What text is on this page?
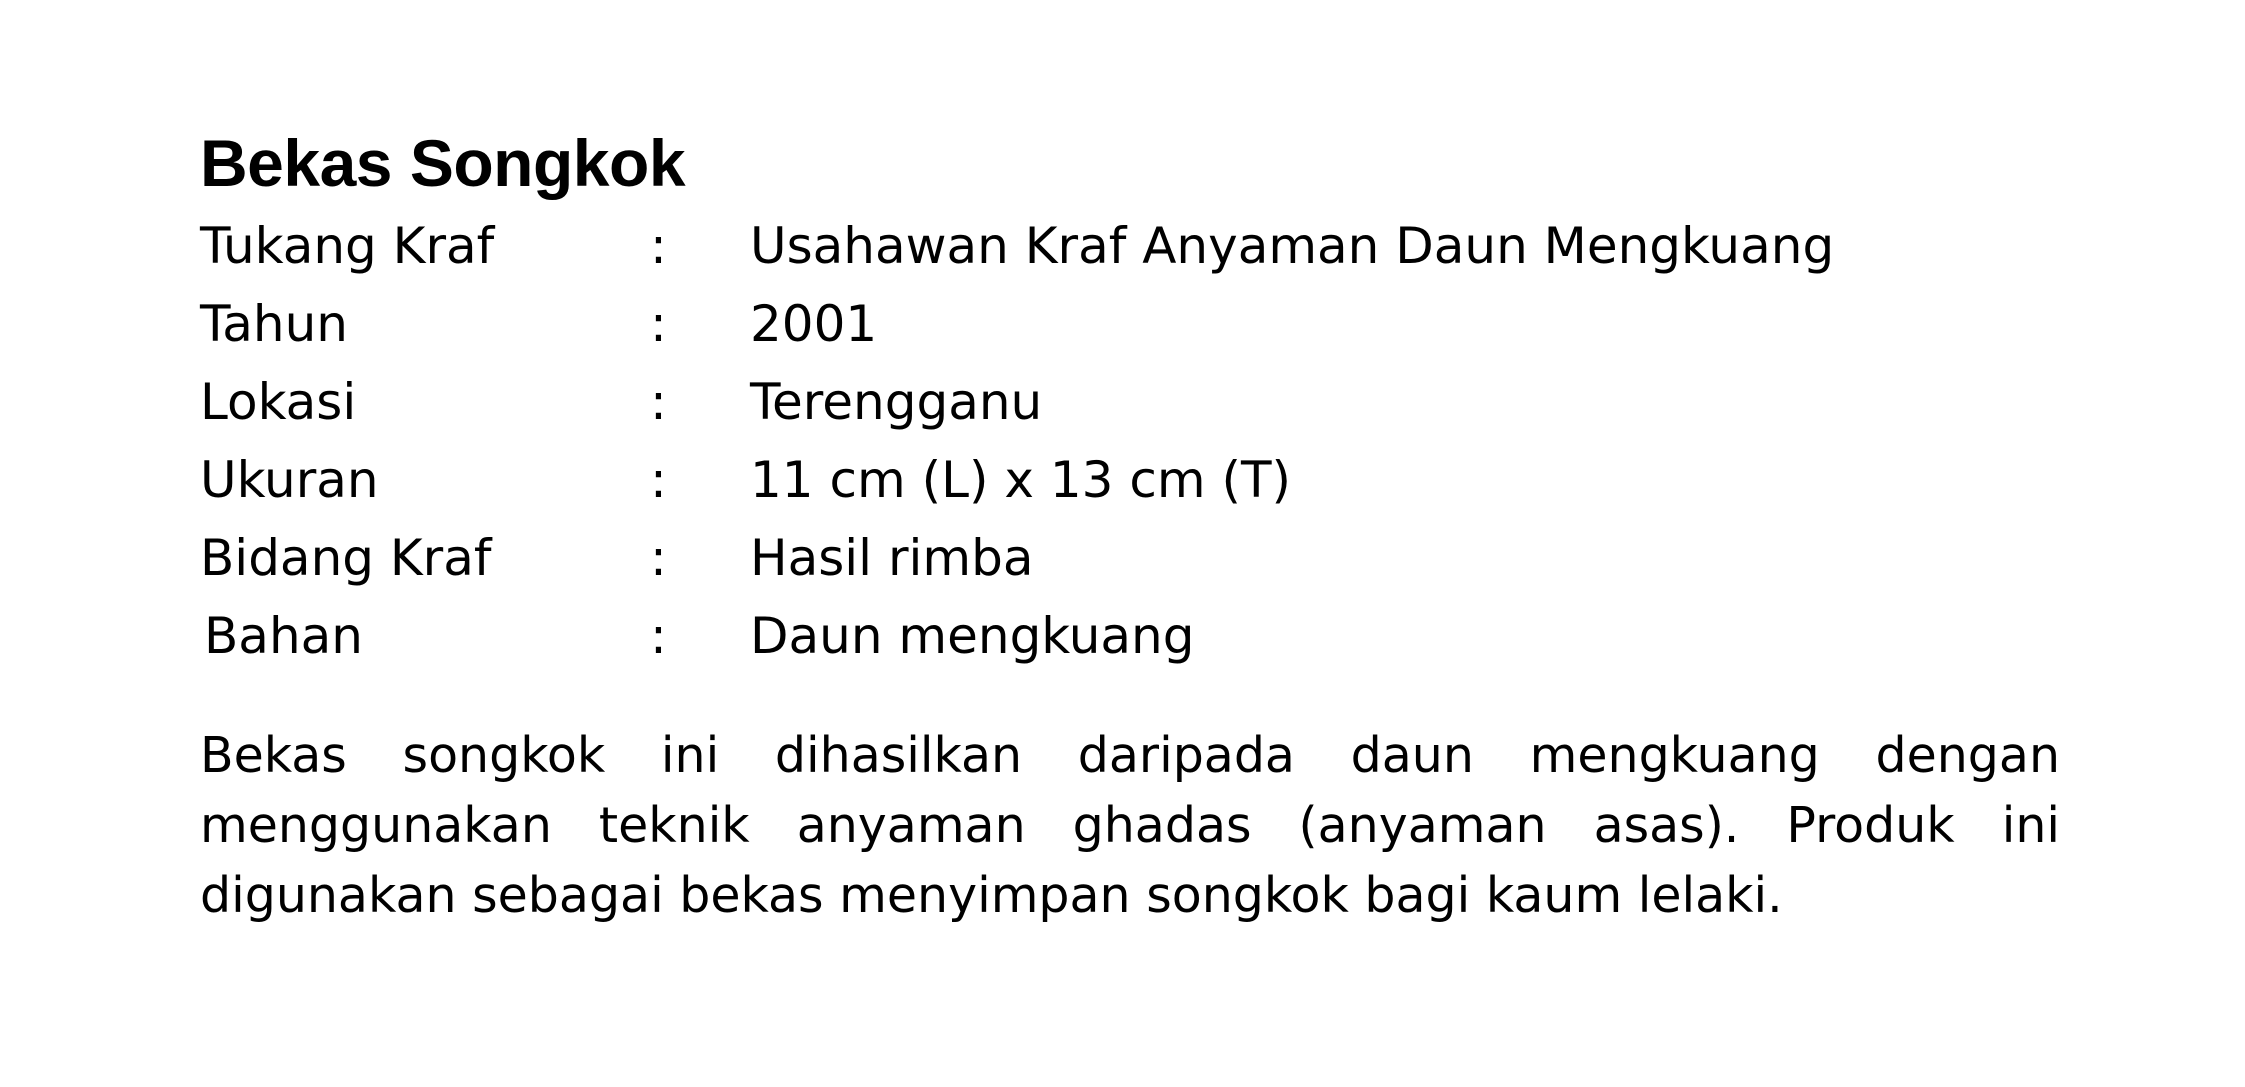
Bekas Songkok
Tukang Kraf	:	Usahawan Kraf Anyaman Daun Mengkuang
Tahun	:	2001
Lokasi	:	Terengganu
Ukuran	:	11 cm (L) x 13 cm (T)
Bidang Kraf	:	Hasil rimba
Bahan	:	Daun mengkuang

Bekas songkok ini dihasilkan daripada daun mengkuang dengan menggunakan teknik anyaman ghadas (anyaman asas). Produk ini digunakan sebagai bekas menyimpan songkok bagi kaum lelaki.
